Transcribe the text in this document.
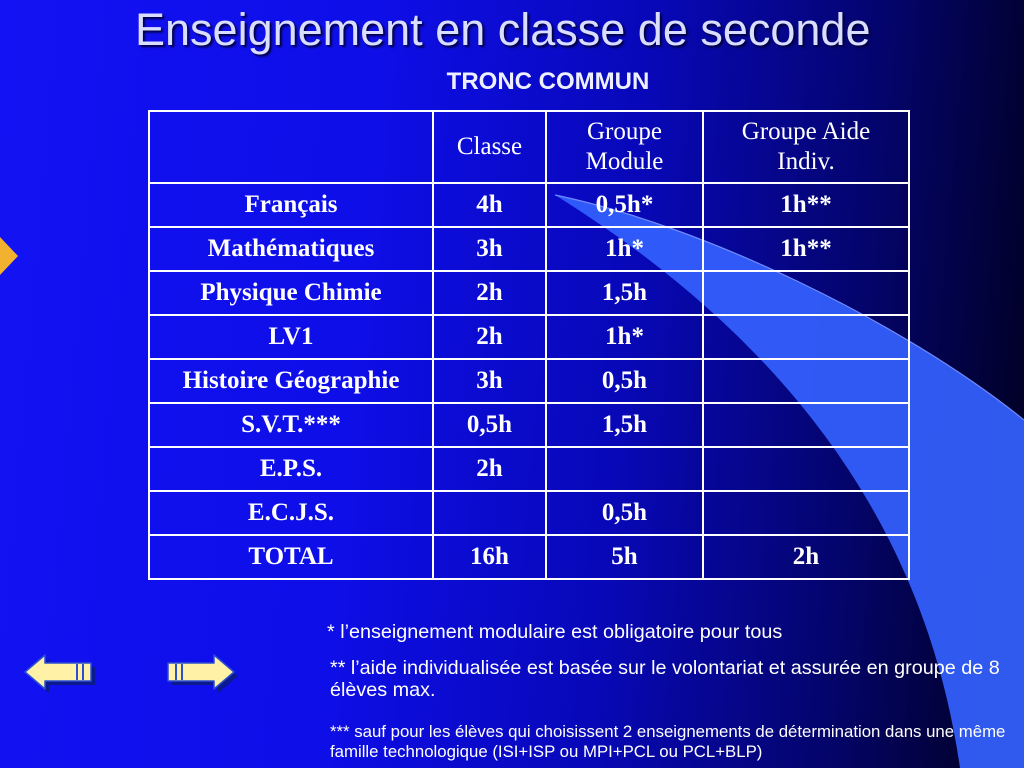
Enseignement en classe de seconde
TRONC COMMUN
	Classe	Groupe Module	Groupe Aide Indiv.
Français	4h	0,5h*	1h**
Mathématiques	3h	1h*	1h**
Physique Chimie	2h	1,5h	
LV1	2h	1h*	
Histoire Géographie	3h	0,5h	
S.V.T.***	0,5h	1,5h	
E.P.S.	2h		
E.C.J.S.		0,5h	
TOTAL	16h	5h	2h
* l’enseignement modulaire est obligatoire pour tous
** l’aide individualisée est basée sur le volontariat et assurée en groupe de 8 élèves max.
*** sauf pour les élèves qui choisissent 2 enseignements de détermination dans une même famille technologique (ISI+ISP ou MPI+PCL ou PCL+BLP)
